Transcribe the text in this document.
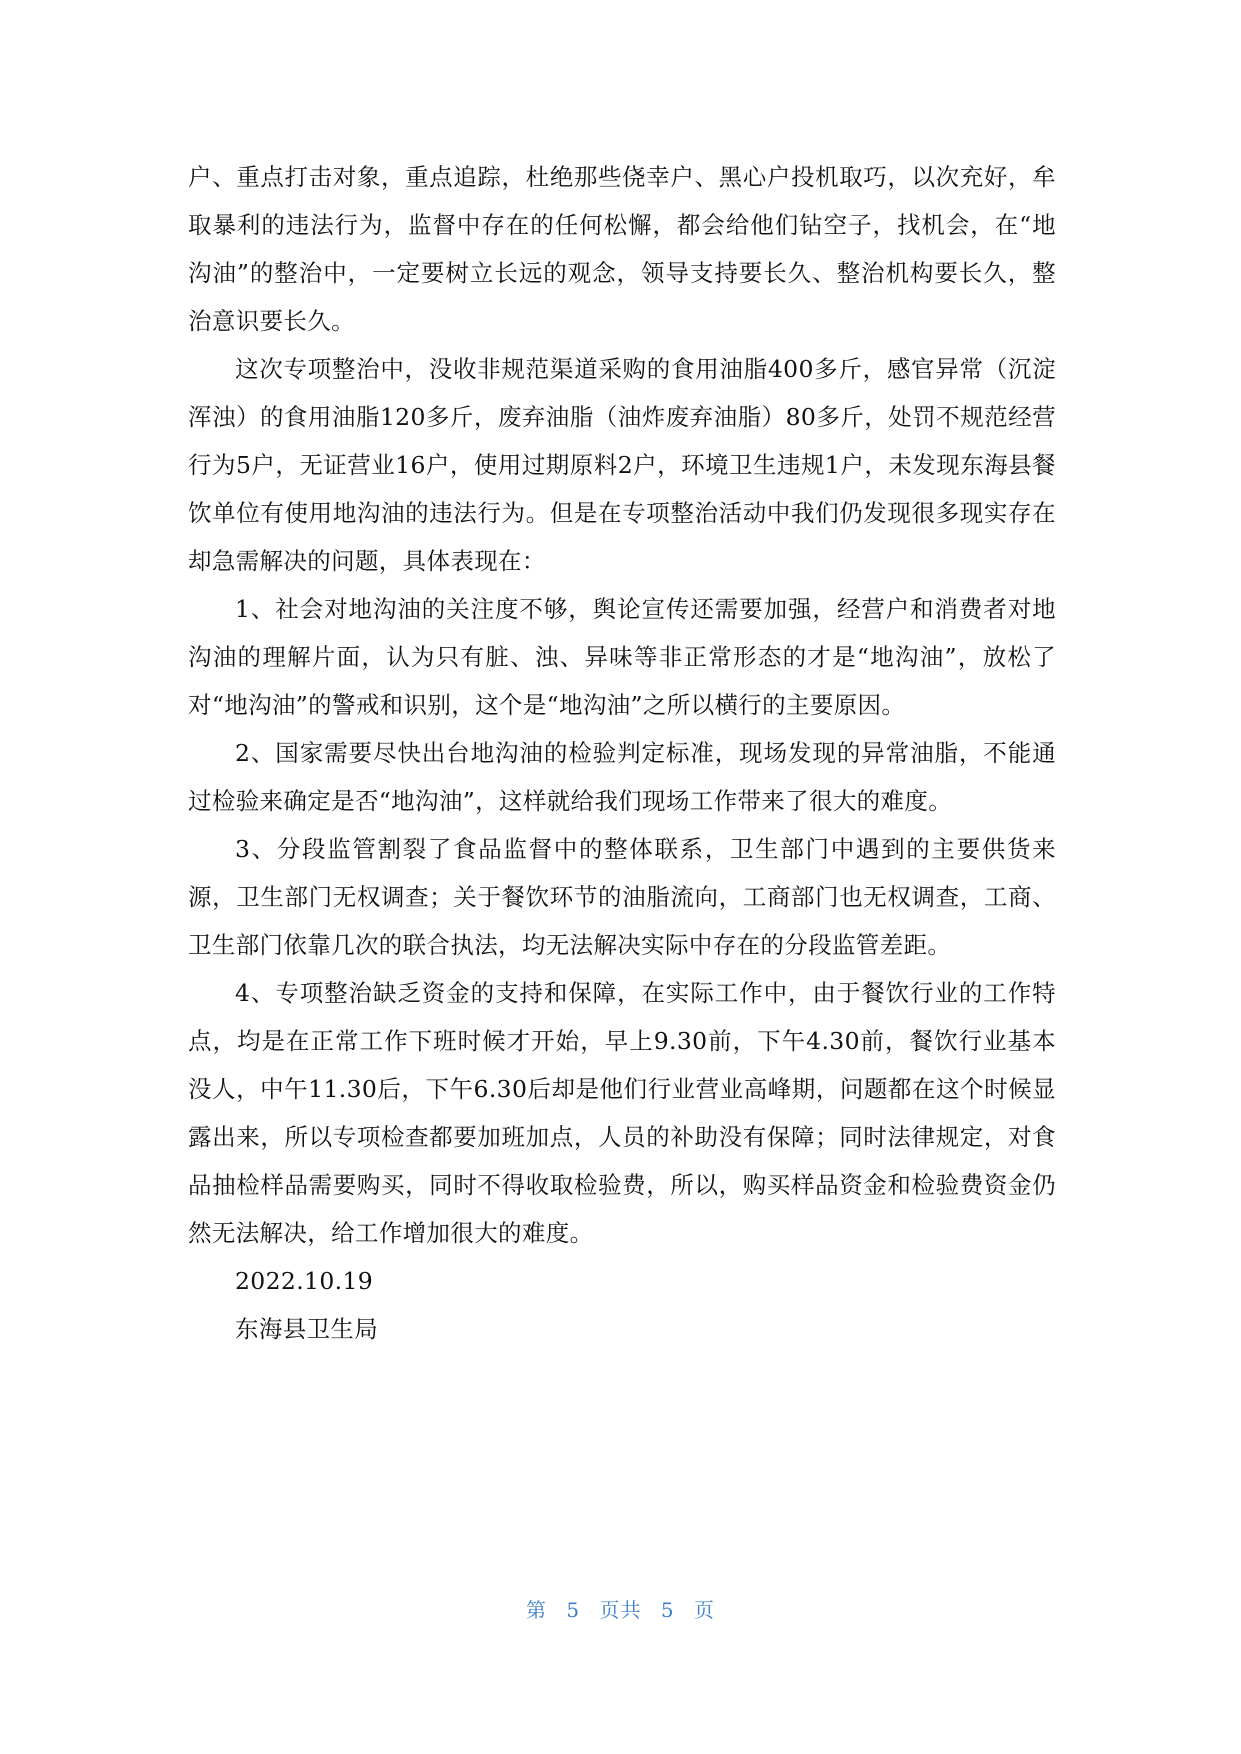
户、重点打击对象，重点追踪，杜绝那些侥幸户、黑心户投机取巧，以次充好，牟取暴利的违法行为，监督中存在的任何松懈，都会给他们钻空子，找机会，在“地沟油”的整治中，一定要树立长远的观念，领导支持要长久、整治机构要长久，整治意识要长久。

这次专项整治中，没收非规范渠道采购的食用油脂400多斤，感官异常（沉淀浑浊）的食用油脂120多斤，废弃油脂（油炸废弃油脂）80多斤，处罚不规范经营行为5户，无证营业16户，使用过期原料2户，环境卫生违规1户，未发现东海县餐饮单位有使用地沟油的违法行为。但是在专项整治活动中我们仍发现很多现实存在却急需解决的问题，具体表现在：

1、社会对地沟油的关注度不够，舆论宣传还需要加强，经营户和消费者对地沟油的理解片面，认为只有脏、浊、异味等非正常形态的才是“地沟油”，放松了对“地沟油”的警戒和识别，这个是“地沟油”之所以横行的主要原因。

2、国家需要尽快出台地沟油的检验判定标准，现场发现的异常油脂，不能通过检验来确定是否“地沟油”，这样就给我们现场工作带来了很大的难度。

3、分段监管割裂了食品监督中的整体联系，卫生部门中遇到的主要供货来源，卫生部门无权调查；关于餐饮环节的油脂流向，工商部门也无权调查，工商、卫生部门依靠几次的联合执法，均无法解决实际中存在的分段监管差距。

4、专项整治缺乏资金的支持和保障，在实际工作中，由于餐饮行业的工作特点，均是在正常工作下班时候才开始，早上9.30前，下午4.30前，餐饮行业基本没人，中午11.30后，下午6.30后却是他们行业营业高峰期，问题都在这个时候显露出来，所以专项检查都要加班加点，人员的补助没有保障；同时法律规定，对食品抽检样品需要购买，同时不得收取检验费，所以，购买样品资金和检验费资金仍然无法解决，给工作增加很大的难度。

2022.10.19

东海县卫生局

第 5 页共 5 页
